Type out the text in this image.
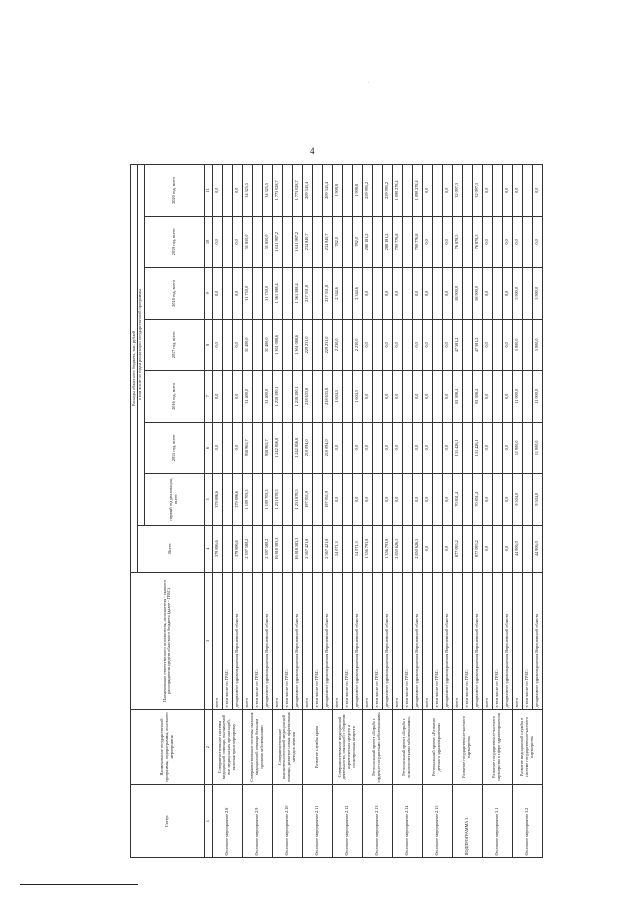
4
.
Статус	Наименование государственной программы, подпрограммы, основного мероприятия	Наименование ответственного исполнителя, исполнителя - главного распорядителя средств областного бюджета (далее - ГРБС)	Расходы областного бюджета, тыс. рублей							
			Всего	в том числе по годам реализации государственной программы						
				первый год реализации, всего	2015 год, всего	2016 год, всего	2017 год, всего	2018 год, всего	2019 год, всего	2020 год, всего
1	2	3	4	5	6	7	8	9	10	11
Основное мероприятие 2.8	Совершенствование системы медицинской помощи, оказываемой вне медицинских организаций, включая транспортировку	всего	379 896,6	379 896,6	0,0	0,0	0,0	0,0	0,0	0,0
		в том числе по ГРБС:								
		департамент здравоохранения Воронежской области	379 896,6	379 896,6	0,0	0,0	0,0	0,0	0,0	0,0
Основное мероприятие 2.9	Совершенствование системы оказания медицинской помощи больным прочими заболеваниями	всего	2 397 580,2	1 109 703,3	958 965,7	31 400,0	31 400,0	31 750,0	31 850,0	34 325,5
		в том числе по ГРБС:								
		департамент здравоохранения Воронежской области	2 397 580,2	1 109 703,3	958 965,7	31 400,0	31 400,0	31 750,0	31 850,0	34 325,5
Основное мероприятие 2.10	Совершенствование высокотехнологичной медицинской помощи, развитие новых эффективных методов лечения	всего	16 818 383,3	1 251 878,5	1 242 856,8	1 218 590,1	1 361 088,6	1 561 388,4	1 611 987,2	1 773 028,7
		в том числе по ГРБС:								
		департамент здравоохранения Воронежской области	16 818 383,3	1 251 878,5	1 242 856,8	1 218 590,1	1 361 088,6	1 561 388,4	1 611 987,2	1 773 028,7
Основное мероприятие 2.11	Развитие службы крови	всего	2 567 421,8	197 951,9	210 094,0	218 633,8	229 231,0	237 331,8	234 940,7	209 345,4
		в том числе по ГРБС:								
		департамент здравоохранения Воронежской области	2 567 421,8	197 951,9	210 094,0	218 633,8	229 231,0	237 331,8	234 940,7	209 345,4
Основное мероприятие 2.12	Совершенствование медицинской деятельности, связанной с оборотом наркотических средств и психотропных веществ	всего	14 071,3	0,0	0,0	1 604,5	2 230,0	2 344,6	782,0	1 908,8
		в том числе по ГРБС:								
		департамент здравоохранения Воронежской области	14 071,3	0,0	0,0	1 604,5	2 230,0	2 344,6	782,0	1 908,8
Основное мероприятие 2.13	Региональный проект «Борьба с сердечно-сосудистыми заболеваниями»	всего	1 356 793,8	0,0	0,0	0,0	0,0	0,0	288 181,2	259 995,2
		в том числе по ГРБС:								
		департамент здравоохранения Воронежской области	1 356 793,8	0,0	0,0	0,0	0,0	0,0	288 181,2	259 995,2
Основное мероприятие 2.14	Региональный проект «Борьба с онкологическими заболеваниями»	всего	2 850 626,5	0,0	0,0	0,0	0,0	0,0	790 776,8	1 090 278,4
		в том числе по ГРБС:								
		департамент здравоохранения Воронежской области	2 850 626,5	0,0	0,0	0,0	0,0	0,0	790 776,8	1 090 278,4
Основное мероприятие 2.15	Региональный проект «Развитие детского здравоохранения»	всего	0,0	0,0	0,0	0,0	0,0	0,0	0,0	0,0
		в том числе по ГРБС:								
		департамент здравоохранения Воронежской области	0,0	0,0	0,0	0,0	0,0	0,0	0,0	0,0
ПОДПРОГРАММА 3	Развитие государственно-частного партнерства	всего	877 095,2	70 851,4	131 426,1	81 308,4	47 381,2	58 900,0	76 878,5	32 097,3
		в том числе по ГРБС:								
		департамент здравоохранения Воронежской области	877 095,2	70 851,4	131 426,1	81 308,4	47 381,2	58 900,0	76 878,5	32 097,3
Основное мероприятие 3.1	Развитие государственно-частного партнерства в сфере здравоохранения	всего	0,0	0,0	0,0	0,0	0,0	0,0	0,0	0,0
		в том числе по ГРБС:								
		департамент здравоохранения Воронежской области	0,0	0,0	0,0	0,0	0,0	0,0	0,0	0,0
Основное мероприятие 3.2	Развитие медицинской службы в системе государственно-частного партнерства	всего	44 906,0	9 504,0	11 900,0	11 900,0	5 900,0	5 900,0	0,0	0,0
		в том числе по ГРБС:								
		департамент здравоохранения Воронежской области	44 906,0	9 504,0	11 900,0	11 900,0	5 900,0	5 900,0	0,0	0,0
